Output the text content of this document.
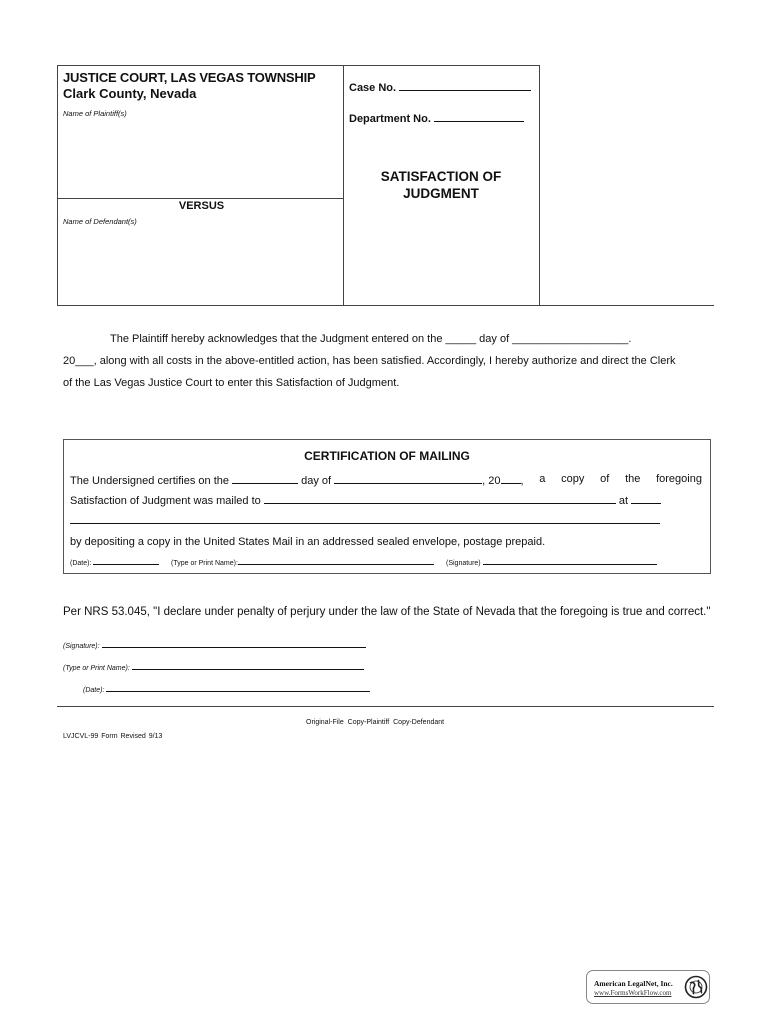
JUSTICE COURT, LAS VEGAS TOWNSHIP
Clark County, Nevada
Name of Plaintiff(s)
VERSUS
Name of Defendant(s)
Case No.
Department No.
SATISFACTION OF
JUDGMENT
The Plaintiff hereby acknowledges that the Judgment entered on the _____ day of ___________________.
20___, along with all costs in the above-entitled action, has been satisfied. Accordingly, I hereby authorize and direct the Clerk
of the Las Vegas Justice Court to enter this Satisfaction of Judgment.
CERTIFICATION OF MAILING
The Undersigned certifies on the	day of	, 20 , a copy of the foregoing
Satisfaction of Judgment was mailed to	at
by depositing a copy in the United States Mail in an addressed sealed envelope, postage prepaid.
(Date):	(Type or Print Name):	(Signature)
Per NRS 53.045, "I declare under penalty of perjury under the law of the State of Nevada that the foregoing is true and correct."
(Signature):
(Type or Print Name):
(Date):
Original-File Copy-Plaintiff Copy-Defendant
LVJCVL-99 Form Revised 9/13
American LegalNet, Inc.
www.FormsWorkFlow.com
